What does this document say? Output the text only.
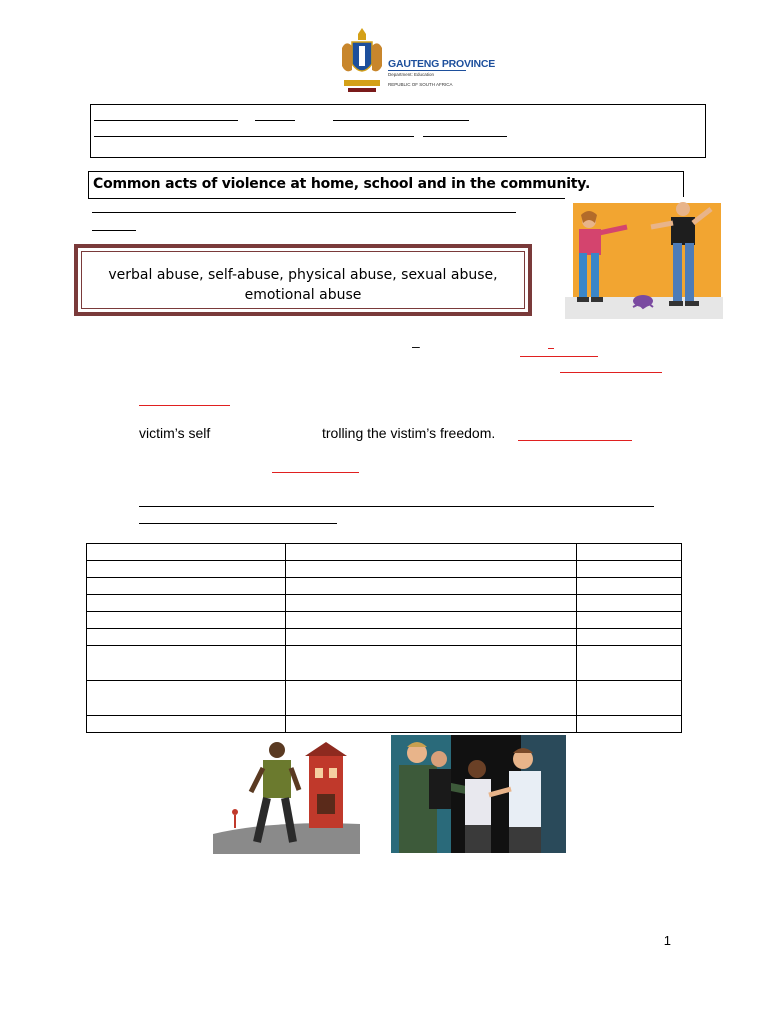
GAUTENG PROVINCE
Department: Education
REPUBLIC OF SOUTH AFRICA
Common acts of violence at home, school and in the community.
verbal abuse, self-abuse, physical abuse, sexual abuse, emotional abuse
–
victim’s self	trolling the vistim’s freedom.

1
